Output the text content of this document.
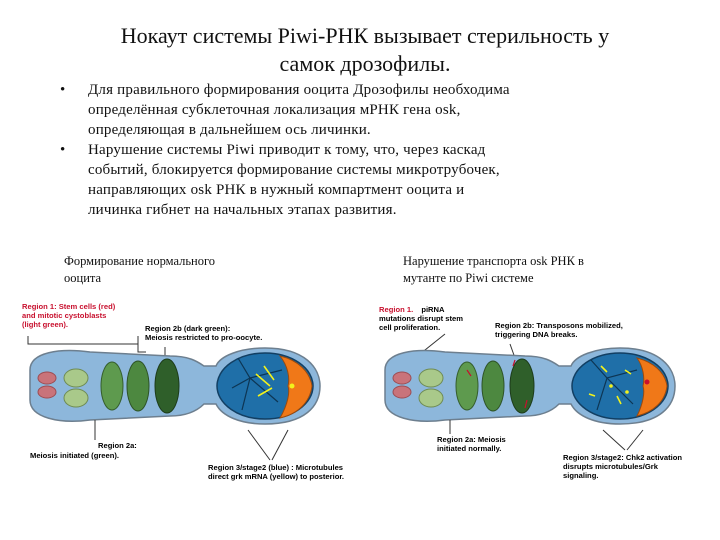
Нокаут системы Piwi-РНК вызывает стерильность у
самок дрозофилы.
• Для правильного формирования ооцита Дрозофилы необходима
определённая субклеточная локализация мРНК гена osk,
определяющая в дальнейшем ось личинки.
• Нарушение системы Piwi приводит к тому, что, через каскад
событий, блокируется формирование системы микротрубочек,
направляющих osk РНК в нужный компартмент ооцита и
личинка гибнет на начальных этапах развития.
Формирование нормального
ооцита
Нарушение транспорта osk РНК в
мутанте по Piwi системе
Region 1: Stem cells (red) and mitotic cystoblasts (light green).	Region 2b (dark green): Meiosis restricted to pro-oocyte.
Region 2a: Meiosis initiated (green).
Region 3/stage2 (blue) : Microtubules direct grk mRNA (yellow) to posterior.
Region 1. piRNA mutations disrupt stem cell proliferation.	Region 2b: Transposons mobilized, triggering DNA breaks.
Region 2a: Meiosis initiated normally.
Region 3/stage2: Chk2 activation disrupts microtubules/Grk signaling.
